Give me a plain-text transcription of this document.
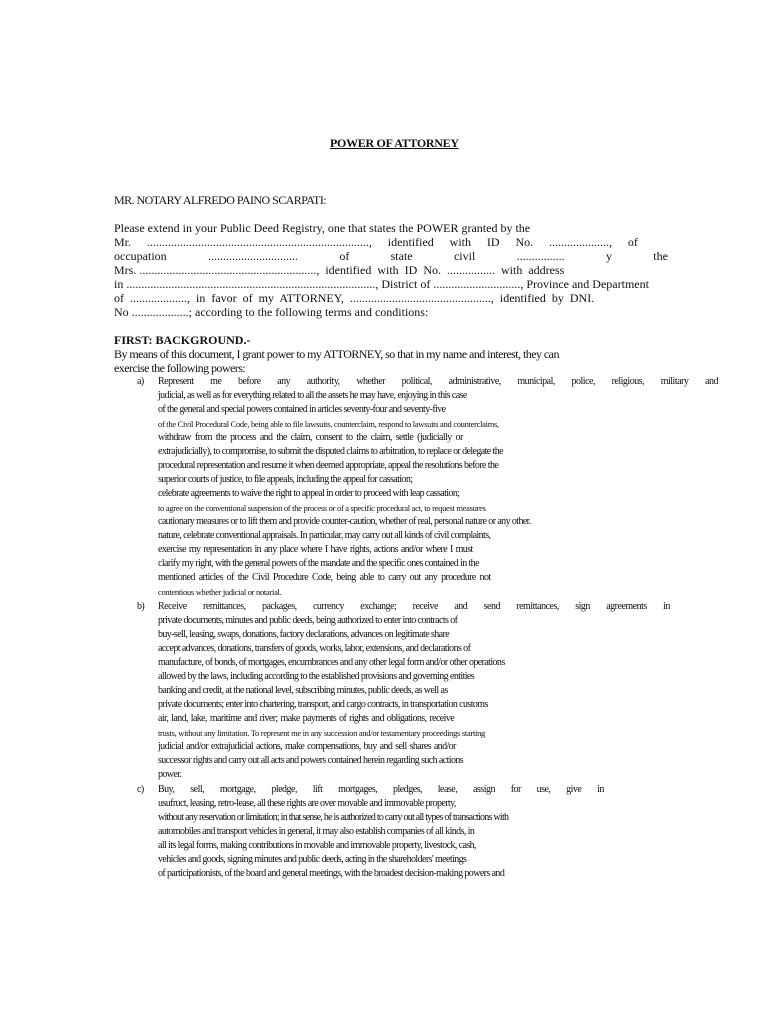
POWER OF ATTORNEY
MR. NOTARY ALFREDO PAINO SCARPATI:
Please extend in your Public Deed Registry, one that states the POWER granted by the
Mr. .........................................................................., identified with ID No. ...................., of
occupation	..............................	of	state	civil	................	y	the
Mrs. ...........................................................,  identified  with  ID  No.  ................  with  address
in ..................................................................................., District of ............................., Province and Department
of  ...................,  in  favor  of  my  ATTORNEY,  ...............................................,  identified  by  DNI.
No ...................; according to the following terms and conditions:
FIRST: BACKGROUND.-
By means of this document, I grant power to my ATTORNEY, so that in my name and interest, they can
exercise the following powers:
a) Represent me before any authority, whether political, administrative, municipal, police, religious, military and
judicial, as well as for everything related to all the assets he may have, enjoying in this case
of the general and special powers contained in articles seventy-four and seventy-five
of the Civil Procedural Code, being able to file lawsuits, counterclaim, respond to lawsuits and counterclaims,
withdraw from the process and the claim, consent to the claim, settle (judicially or
extrajudicially), to compromise, to submit the disputed claims to arbitration, to replace or delegate the
procedural representation and resume it when deemed appropriate, appeal the resolutions before the
superior courts of justice, to file appeals, including the appeal for cassation;
celebrate agreements to waive the right to appeal in order to proceed with leap cassation;
to agree on the conventional suspension of the process or of a specific procedural act, to request measures
cautionary measures or to lift them and provide counter-caution, whether of real, personal nature or any other.
nature, celebrate conventional appraisals. In particular, may carry out all kinds of civil complaints,
exercise my representation in any place where I have rights, actions and/or where I must
clarify my right, with the general powers of the mandate and the specific ones contained in the
mentioned articles of the Civil Procedure Code, being able to carry out any procedure not
contentious whether judicial or notarial.
b) Receive remittances, packages, currency exchange; receive and send remittances, sign agreements in
private documents, minutes and public deeds, being authorized to enter into contracts of
buy-sell, leasing, swaps, donations, factory declarations, advances on legitimate share
accept advances, donations, transfers of goods, works, labor, extensions, and declarations of
manufacture, of bonds, of mortgages, encumbrances and any other legal form and/or other operations
allowed by the laws, including according to the established provisions and governing entities
banking and credit, at the national level, subscribing minutes, public deeds, as well as
private documents; enter into chartering, transport, and cargo contracts, in transportation customs
air, land, lake, maritime and river; make payments of rights and obligations, receive
trusts, without any limitation. To represent me in any succession and/or testamentary proceedings starting
judicial and/or extrajudicial actions, make compensations, buy and sell shares and/or
successor rights and carry out all acts and powers contained herein regarding such actions
power.
c) Buy, sell, mortgage, pledge, lift mortgages, pledges, lease, assign for use, give in
usufruct, leasing, retro-lease, all these rights are over movable and immovable property,
without any reservation or limitation; in that sense, he is authorized to carry out all types of transactions with
automobiles and transport vehicles in general, it may also establish companies of all kinds, in
all its legal forms, making contributions in movable and immovable property, livestock, cash,
vehicles and goods, signing minutes and public deeds, acting in the shareholders' meetings
of participationists, of the board and general meetings, with the broadest decision-making powers and
